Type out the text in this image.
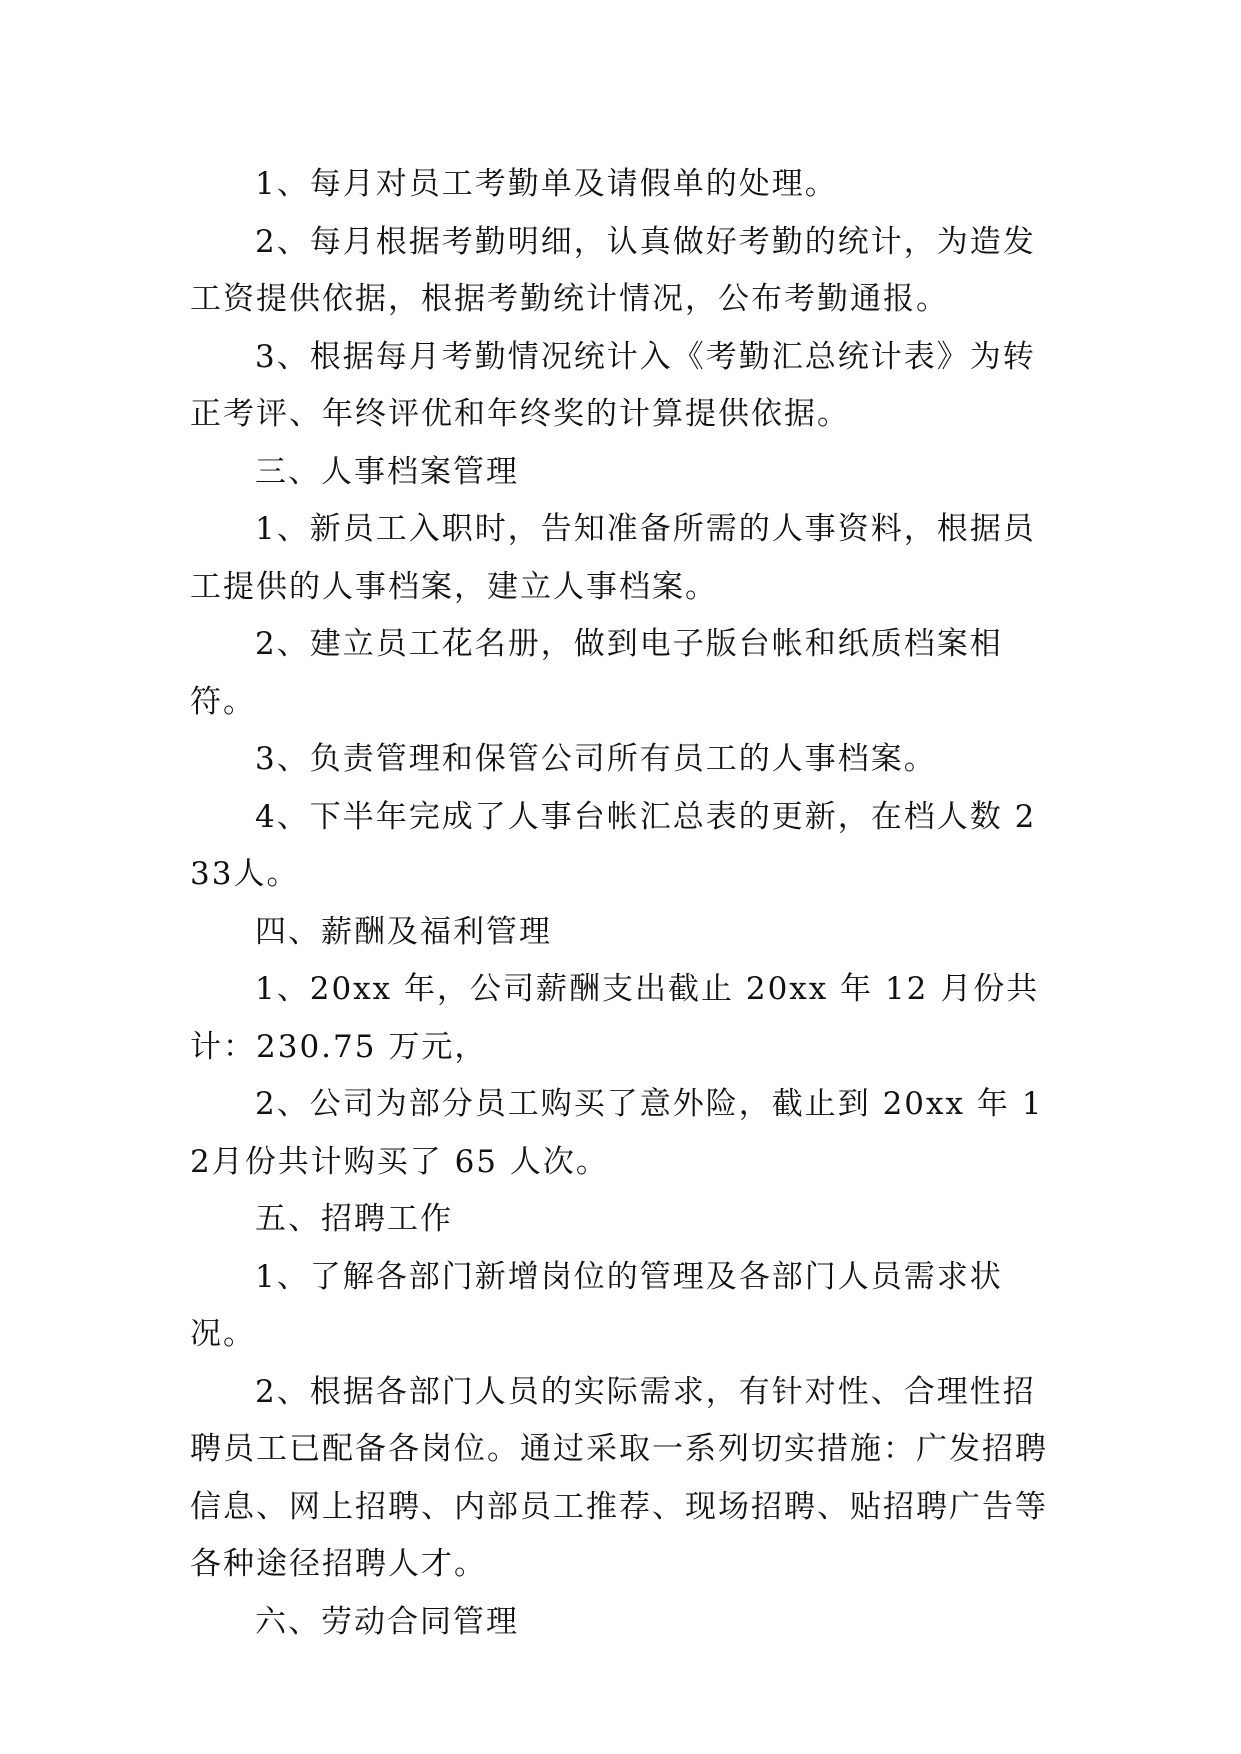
1、每月对员工考勤单及请假单的处理。

2、每月根据考勤明细，认真做好考勤的统计，为造发工资提供依据，根据考勤统计情况，公布考勤通报。

3、根据每月考勤情况统计入《考勤汇总统计表》为转正考评、年终评优和年终奖的计算提供依据。

三、人事档案管理

1、新员工入职时，告知准备所需的人事资料，根据员工提供的人事档案，建立人事档案。

2、建立员工花名册，做到电子版台帐和纸质档案相符。

3、负责管理和保管公司所有员工的人事档案。

4、下半年完成了人事台帐汇总表的更新，在档人数 233人。

四、薪酬及福利管理

1、20xx 年，公司薪酬支出截止 20xx 年 12 月份共计：230.75 万元，

2、公司为部分员工购买了意外险，截止到 20xx 年 12月份共计购买了 65 人次。

五、招聘工作

1、了解各部门新增岗位的管理及各部门人员需求状况。

2、根据各部门人员的实际需求，有针对性、合理性招聘员工已配备各岗位。通过采取一系列切实措施：广发招聘信息、网上招聘、内部员工推荐、现场招聘、贴招聘广告等各种途径招聘人才。

六、劳动合同管理
